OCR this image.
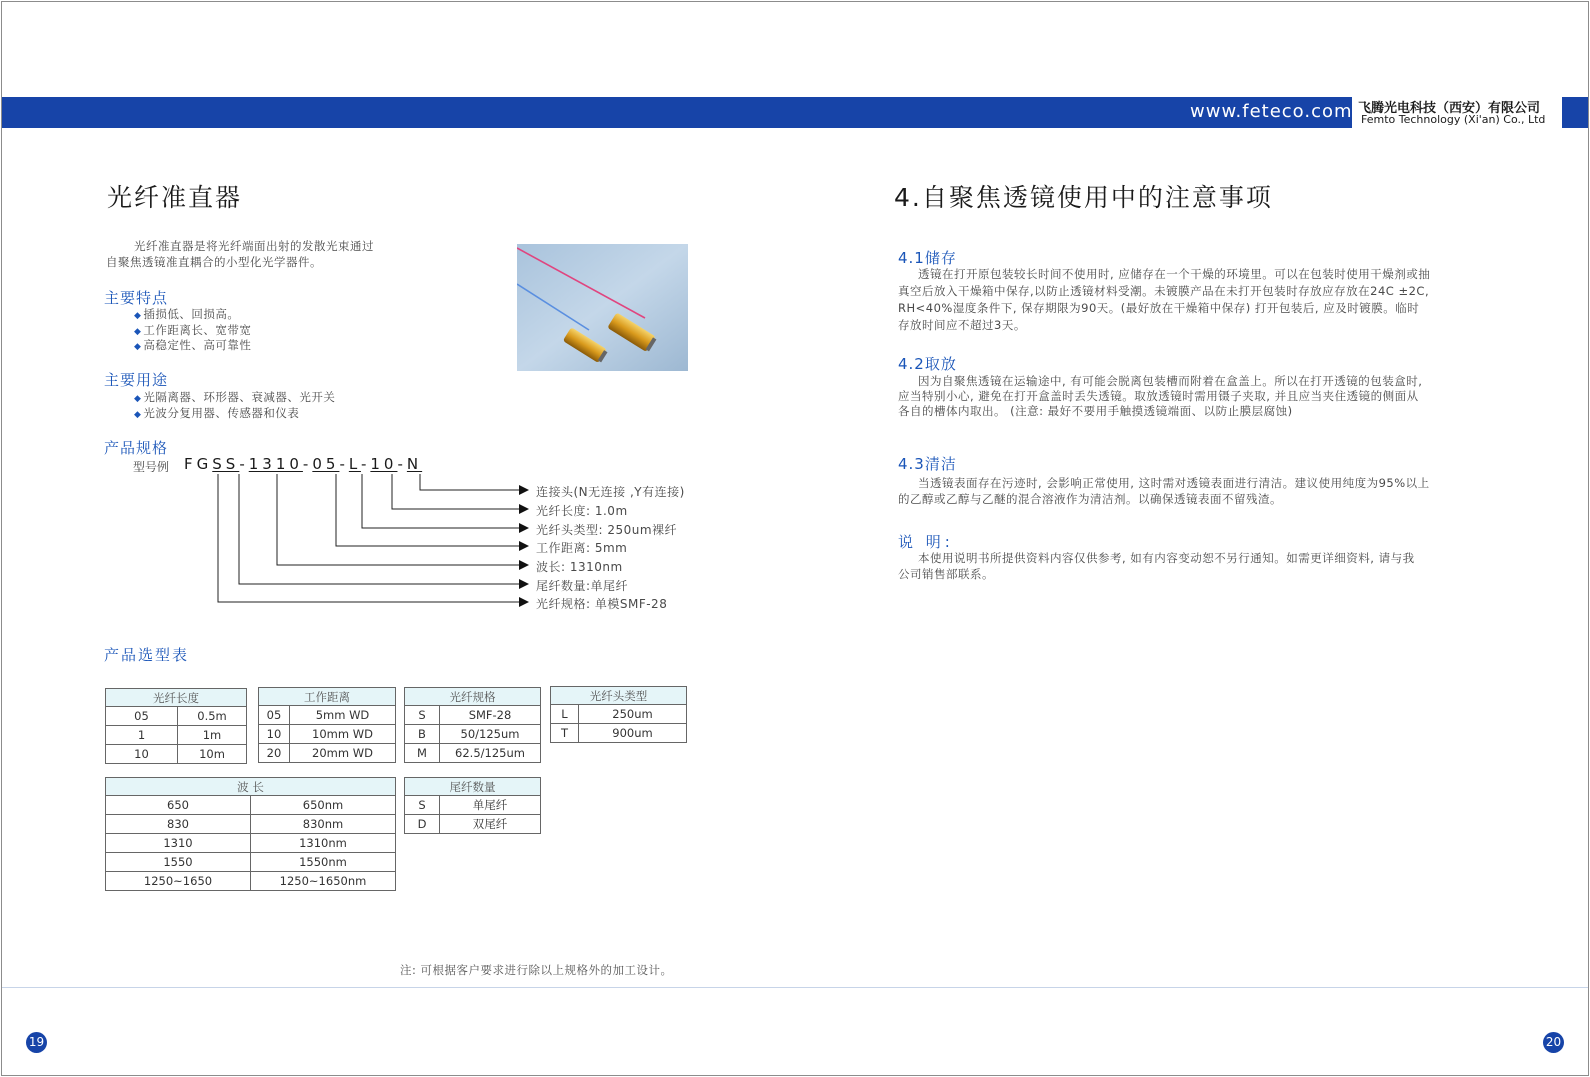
www.feteco.com 飞腾光电科技（西安）有限公司
Femto Technology (Xi'an) Co., Ltd
光纤准直器
光纤准直器是将光纤端面出射的发散光束通过
自聚焦透镜准直耦合的小型化光学器件。
主要特点
◆ 插损低、回损高。
◆ 工作距离长、宽带宽
◆ 高稳定性、高可靠性
主要用途
◆ 光隔离器、环形器、衰减器、光开关
◆ 光波分复用器、传感器和仪表
产品规格
型号例 FGSS-1310-05-L-10-N
连接头(N无连接 ,Y有连接)
光纤长度: 1.0m
光纤头类型: 250um裸纤
工作距离: 5mm
波长: 1310nm
尾纤数量:单尾纤
光纤规格: 单模SMF-28
产品选型表
光纤长度	
05	0.5m
1	1m
10	10m
工作距离	
05	5mm WD
10	10mm WD
20	20mm WD
光纤规格	
S	SMF-28
B	50/125um
M	62.5/125um
光纤头类型	
L	250um
T	900um
波 长	
650	650nm
830	830nm
1310	1310nm
1550	1550nm
1250~1650	1250~1650nm
尾纤数量	
S	单尾纤
D	双尾纤
注: 可根据客户要求进行除以上规格外的加工设计。
4.自聚焦透镜使用中的注意事项
4.1储存
透镜在打开原包装较长时间不使用时, 应储存在一个干燥的环境里。可以在包装时使用干燥剂或抽
真空后放入干燥箱中保存,以防止透镜材料受潮。未镀膜产品在未打开包装时存放应存放在24C ±2C,
RH<40%湿度条件下, 保存期限为90天。(最好放在干燥箱中保存) 打开包装后, 应及时镀膜。临时
存放时间应不超过3天。
4.2取放
因为自聚焦透镜在运输途中, 有可能会脱离包装槽而附着在盒盖上。所以在打开透镜的包装盒时,
应当特别小心, 避免在打开盒盖时丢失透镜。取放透镜时需用镊子夹取, 并且应当夹住透镜的侧面从
各自的槽体内取出。 (注意: 最好不要用手触摸透镜端面、以防止膜层腐蚀)
4.3清洁
当透镜表面存在污迹时, 会影响正常使用, 这时需对透镜表面进行清洁。建议使用纯度为95%以上
的乙醇或乙醇与乙醚的混合溶液作为清洁剂。以确保透镜表面不留残渣。
说 明:
本使用说明书所提供资料内容仅供参考, 如有内容变动恕不另行通知。如需更详细资料, 请与我
公司销售部联系。
19	20
